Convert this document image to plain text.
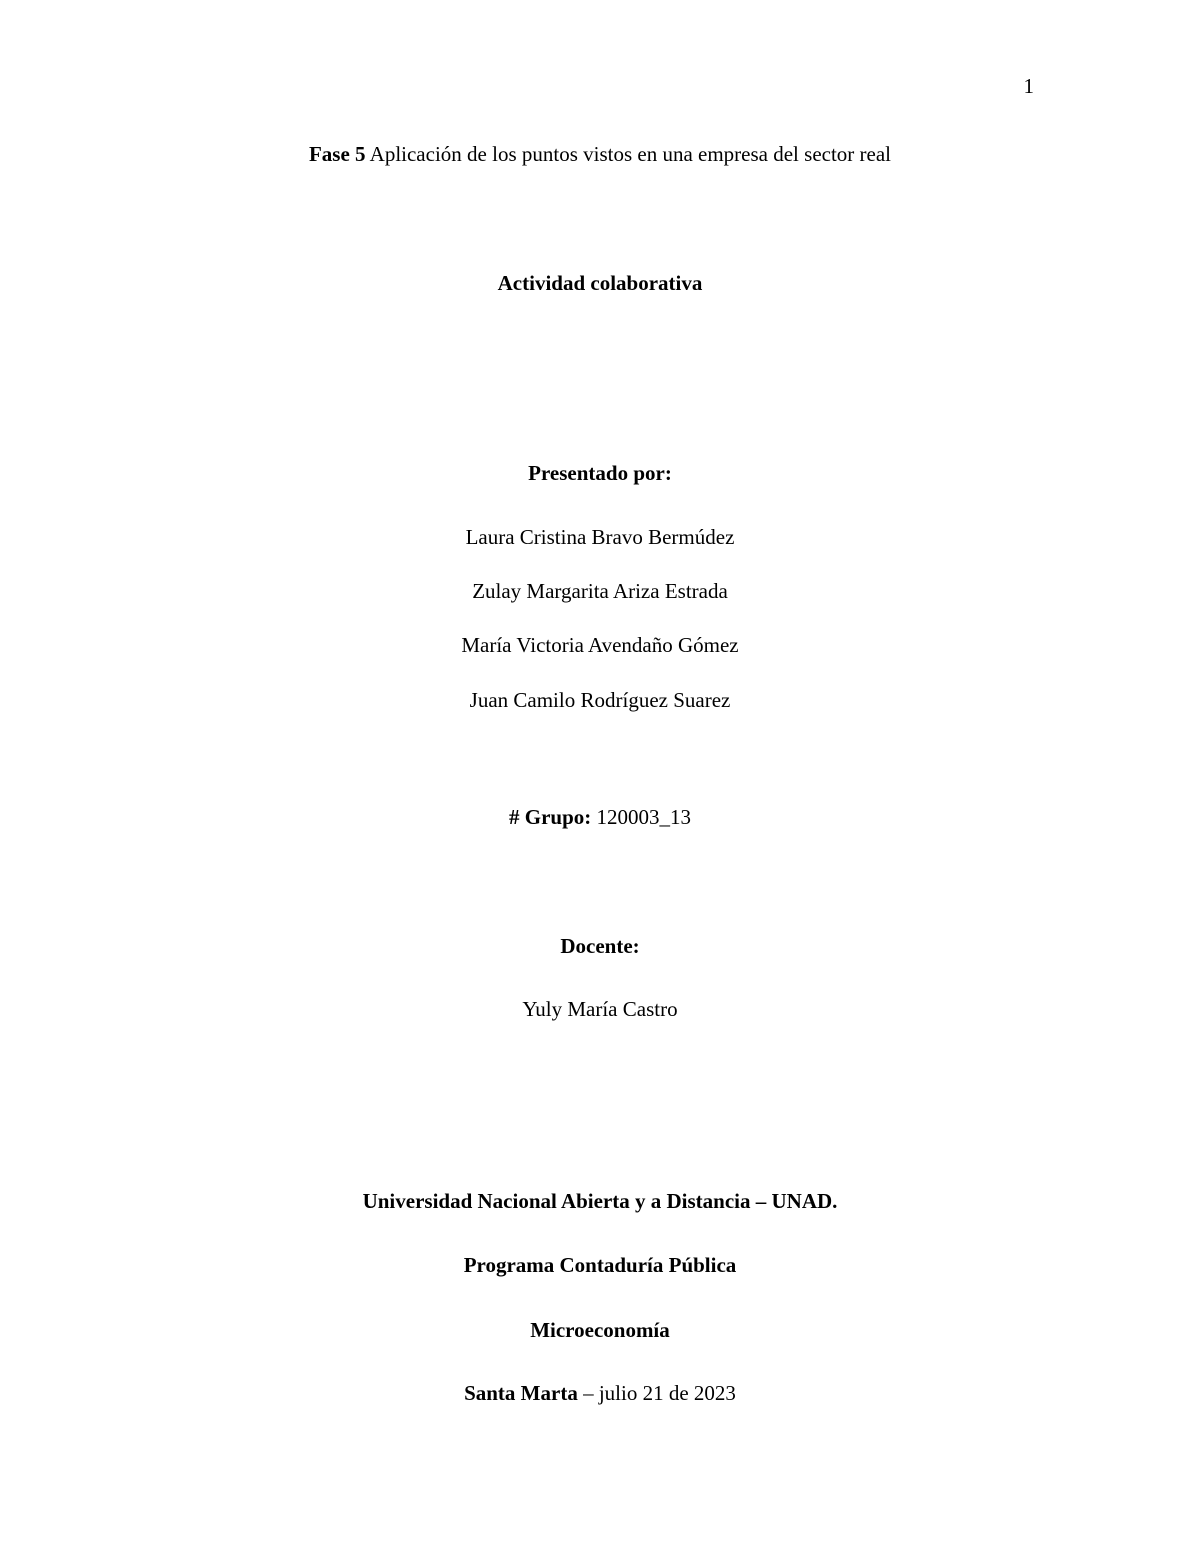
1
Fase 5 Aplicación de los puntos vistos en una empresa del sector real
Actividad colaborativa
Presentado por:
Laura Cristina Bravo Bermúdez
Zulay Margarita Ariza Estrada
María Victoria Avendaño Gómez
Juan Camilo Rodríguez Suarez
# Grupo: 120003_13
Docente:
Yuly María Castro
Universidad Nacional Abierta y a Distancia – UNAD.
Programa Contaduría Pública
Microeconomía
Santa Marta – julio 21 de 2023
